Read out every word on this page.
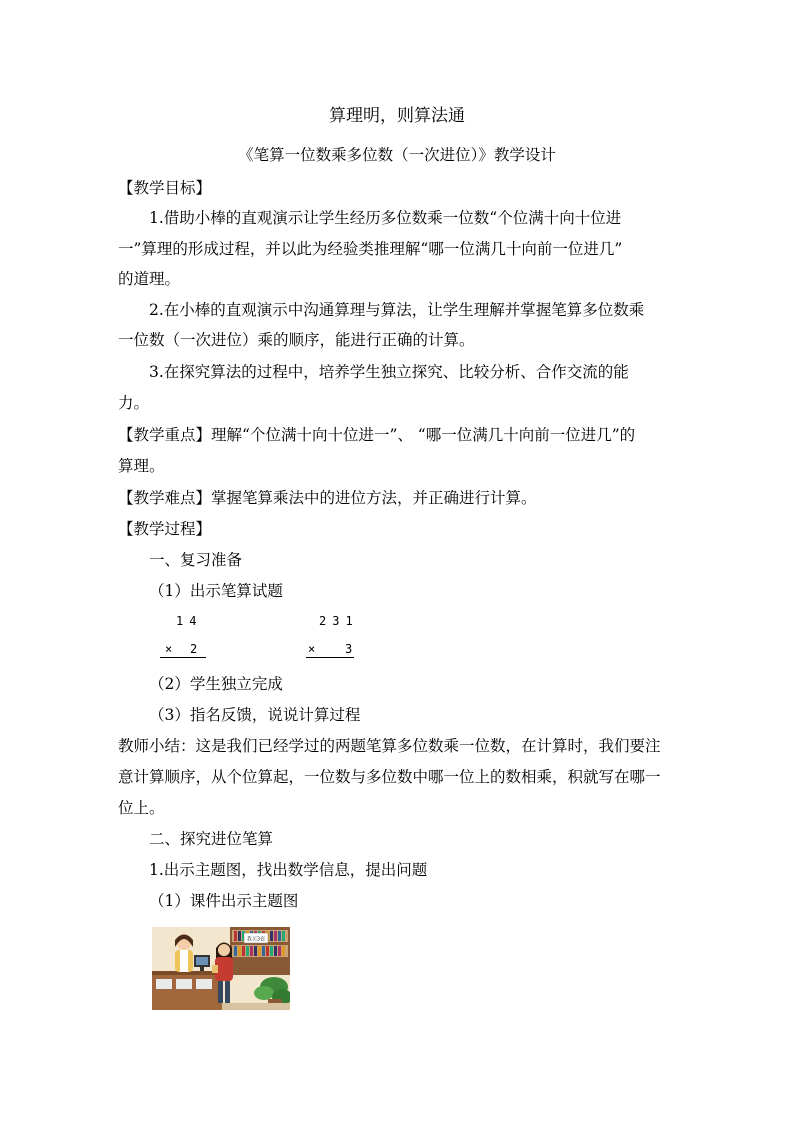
算理明，则算法通
《笔算一位数乘多位数（一次进位）》教学设计
【教学目标】
1.借助小棒的直观演示让学生经历多位数乘一位数“个位满十向十位进
一”算理的形成过程，并以此为经验类推理解“哪一位满几十向前一位进几”
的道理。
2.在小棒的直观演示中沟通算理与算法，让学生理解并掌握笔算多位数乘
一位数（一次进位）乘的顺序，能进行正确的计算。
3.在探究算法的过程中，培养学生独立探究、比较分析、合作交流的能
力。
【教学重点】理解“个位满十向十位进一”、 “哪一位满几十向前一位进几”的
算理。
【教学难点】掌握笔算乘法中的进位方法，并正确进行计算。
【教学过程】
一、复习准备
（1）出示笔算试题
14
× 2
231
× 3
（2）学生独立完成
（3）指名反馈，说说计算过程
教师小结：这是我们已经学过的两题笔算多位数乘一位数，在计算时，我们要注
意计算顺序，从个位算起，一位数与多位数中哪一位上的数相乘，积就写在哪一
位上。
二、探究进位笔算
1.出示主题图，找出数学信息，提出问题
（1）课件出示主题图
我买3套
